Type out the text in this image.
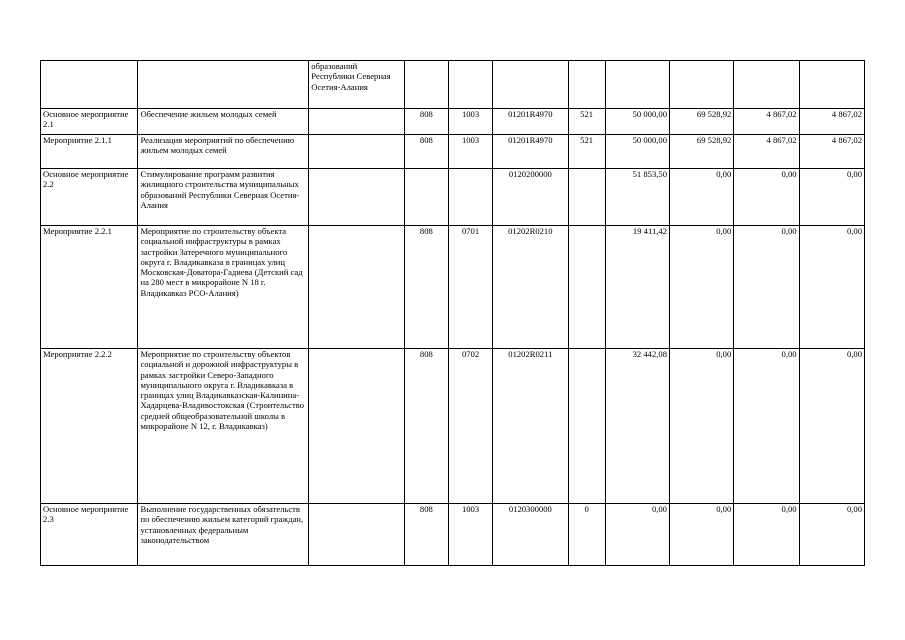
		образований Республики Северная Осетия-Алания								
Основное мероприятие 2.1	Обеспечение жильем молодых семей		808	1003	01201R4970	521	50 000,00	69 528,92	4 867,02	4 867,02
Мероприятие 2.1.1	Реализация мероприятий по обеспечению жильем молодых семей		808	1003	01201R4970	521	50 000,00	69 528,92	4 867,02	4 867,02
Основное мероприятие 2.2	Стимулирование программ развития жилищного строительства муниципальных образований Республики Северная Осетия-Алания				0120200000		51 853,50	0,00	0,00	0,00
Мероприятие 2.2.1	Мероприятие по строительству объекта социальной инфраструктуры в рамках застройки Затеречного муниципального округа г. Владикавказа в границах улиц Московская-Доватора-Гадиева (Детский сад на 280 мест в микрорайоне N 18 г. Владикавказ РСО-Алания)		808	0701	01202R0210		19 411,42	0,00	0,00	0,00
Мероприятие 2.2.2	Мероприятие по строительству объектов социальной и дорожной инфраструктуры в рамках застройки Северо-Западного муниципального округа г. Владикавказа в границах улиц Владикавказская-Калинина-Хадарцева-Владивостокская (Строительство средней общеобразовательной школы в микрорайоне N 12, г. Владикавказ)		808	0702	01202R0211		32 442,08	0,00	0,00	0,00
Основное мероприятие 2.3	Выполнение государственных обязательств по обеспечению жильем категорий граждан, установленных федеральным законодательством		808	1003	0120300000	0	0,00	0,00	0,00	0,00
